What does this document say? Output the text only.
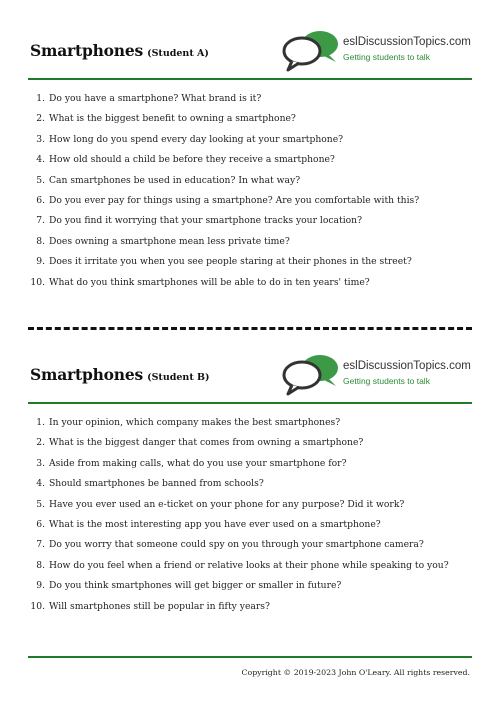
Smartphones (Student A)
eslDiscussionTopics.com
Getting students to talk
1. Do you have a smartphone? What brand is it?
2. What is the biggest benefit to owning a smartphone?
3. How long do you spend every day looking at your smartphone?
4. How old should a child be before they receive a smartphone?
5. Can smartphones be used in education? In what way?
6. Do you ever pay for things using a smartphone? Are you comfortable with this?
7. Do you find it worrying that your smartphone tracks your location?
8. Does owning a smartphone mean less private time?
9. Does it irritate you when you see people staring at their phones in the street?
10. What do you think smartphones will be able to do in ten years' time?
Smartphones (Student B)
eslDiscussionTopics.com
Getting students to talk
1. In your opinion, which company makes the best smartphones?
2. What is the biggest danger that comes from owning a smartphone?
3. Aside from making calls, what do you use your smartphone for?
4. Should smartphones be banned from schools?
5. Have you ever used an e-ticket on your phone for any purpose? Did it work?
6. What is the most interesting app you have ever used on a smartphone?
7. Do you worry that someone could spy on you through your smartphone camera?
8. How do you feel when a friend or relative looks at their phone while speaking to you?
9. Do you think smartphones will get bigger or smaller in future?
10. Will smartphones still be popular in fifty years?
Copyright © 2019-2023 John O'Leary. All rights reserved.
